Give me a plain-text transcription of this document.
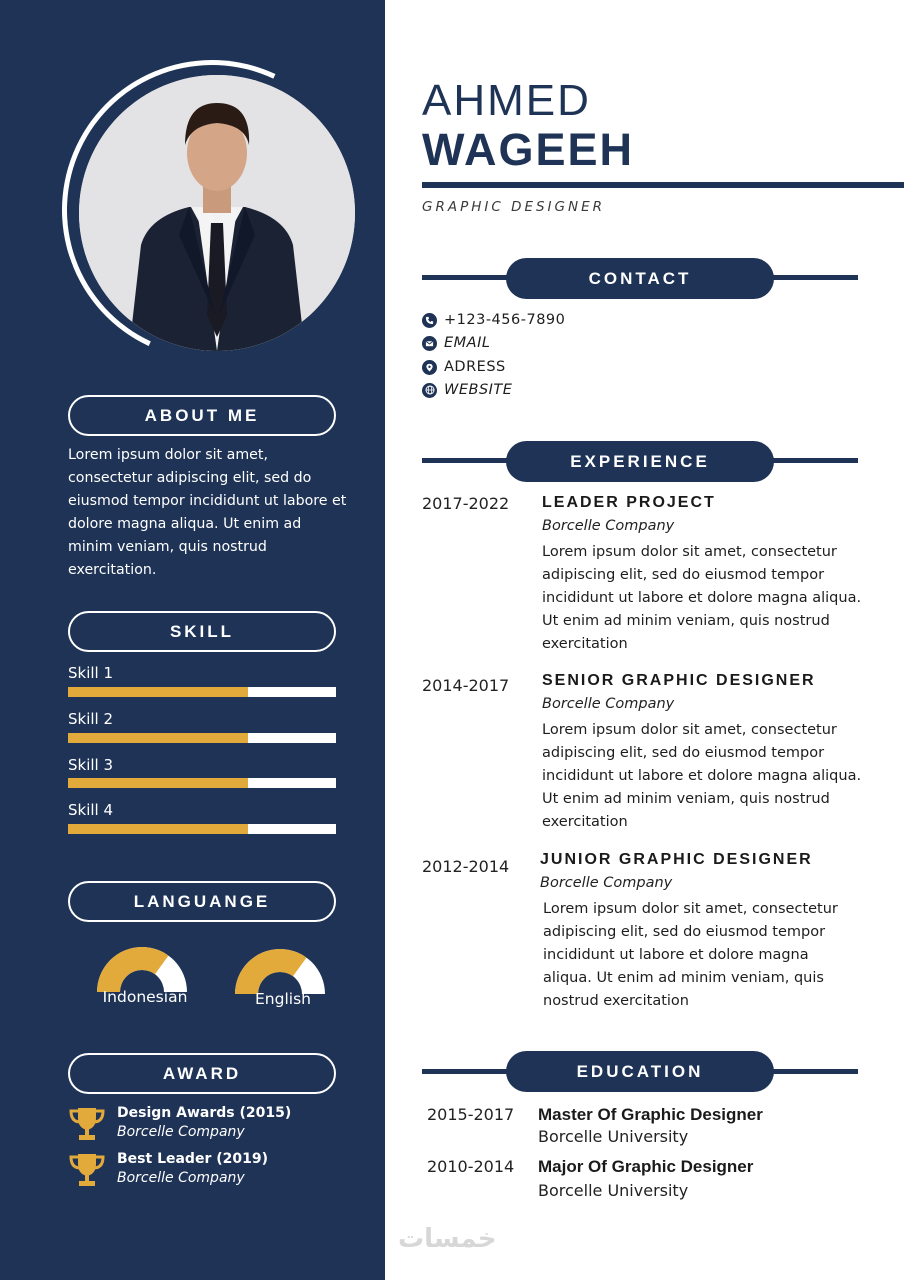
ABOUT ME
Lorem ipsum dolor sit amet, consectetur adipiscing elit, sed do eiusmod tempor incididunt ut labore et dolore magna aliqua. Ut enim ad minim veniam, quis nostrud exercitation.
SKILL
Skill 1
Skill 2
Skill 3
Skill 4
LANGUANGE
Indonesian	English
AWARD
Design Awards (2015)
Borcelle Company
Best Leader (2019)
Borcelle Company
AHMED
WAGEEH
GRAPHIC DESIGNER
CONTACT
+123-456-7890
EMAIL
ADRESS
WEBSITE
EXPERIENCE
2017-2022 LEADER PROJECT
Borcelle Company
Lorem ipsum dolor sit amet, consectetur adipiscing elit, sed do eiusmod tempor incididunt ut labore et dolore magna aliqua. Ut enim ad minim veniam, quis nostrud exercitation
2014-2017 SENIOR GRAPHIC DESIGNER
Borcelle Company
Lorem ipsum dolor sit amet, consectetur adipiscing elit, sed do eiusmod tempor incididunt ut labore et dolore magna aliqua. Ut enim ad minim veniam, quis nostrud exercitation
2012-2014 JUNIOR GRAPHIC DESIGNER
Borcelle Company
Lorem ipsum dolor sit amet, consectetur adipiscing elit, sed do eiusmod tempor incididunt ut labore et dolore magna aliqua. Ut enim ad minim veniam, quis nostrud exercitation
EDUCATION
2015-2017 Master Of Graphic Designer
Borcelle University
2010-2014 Major Of Graphic Designer
Borcelle University
خمسات
